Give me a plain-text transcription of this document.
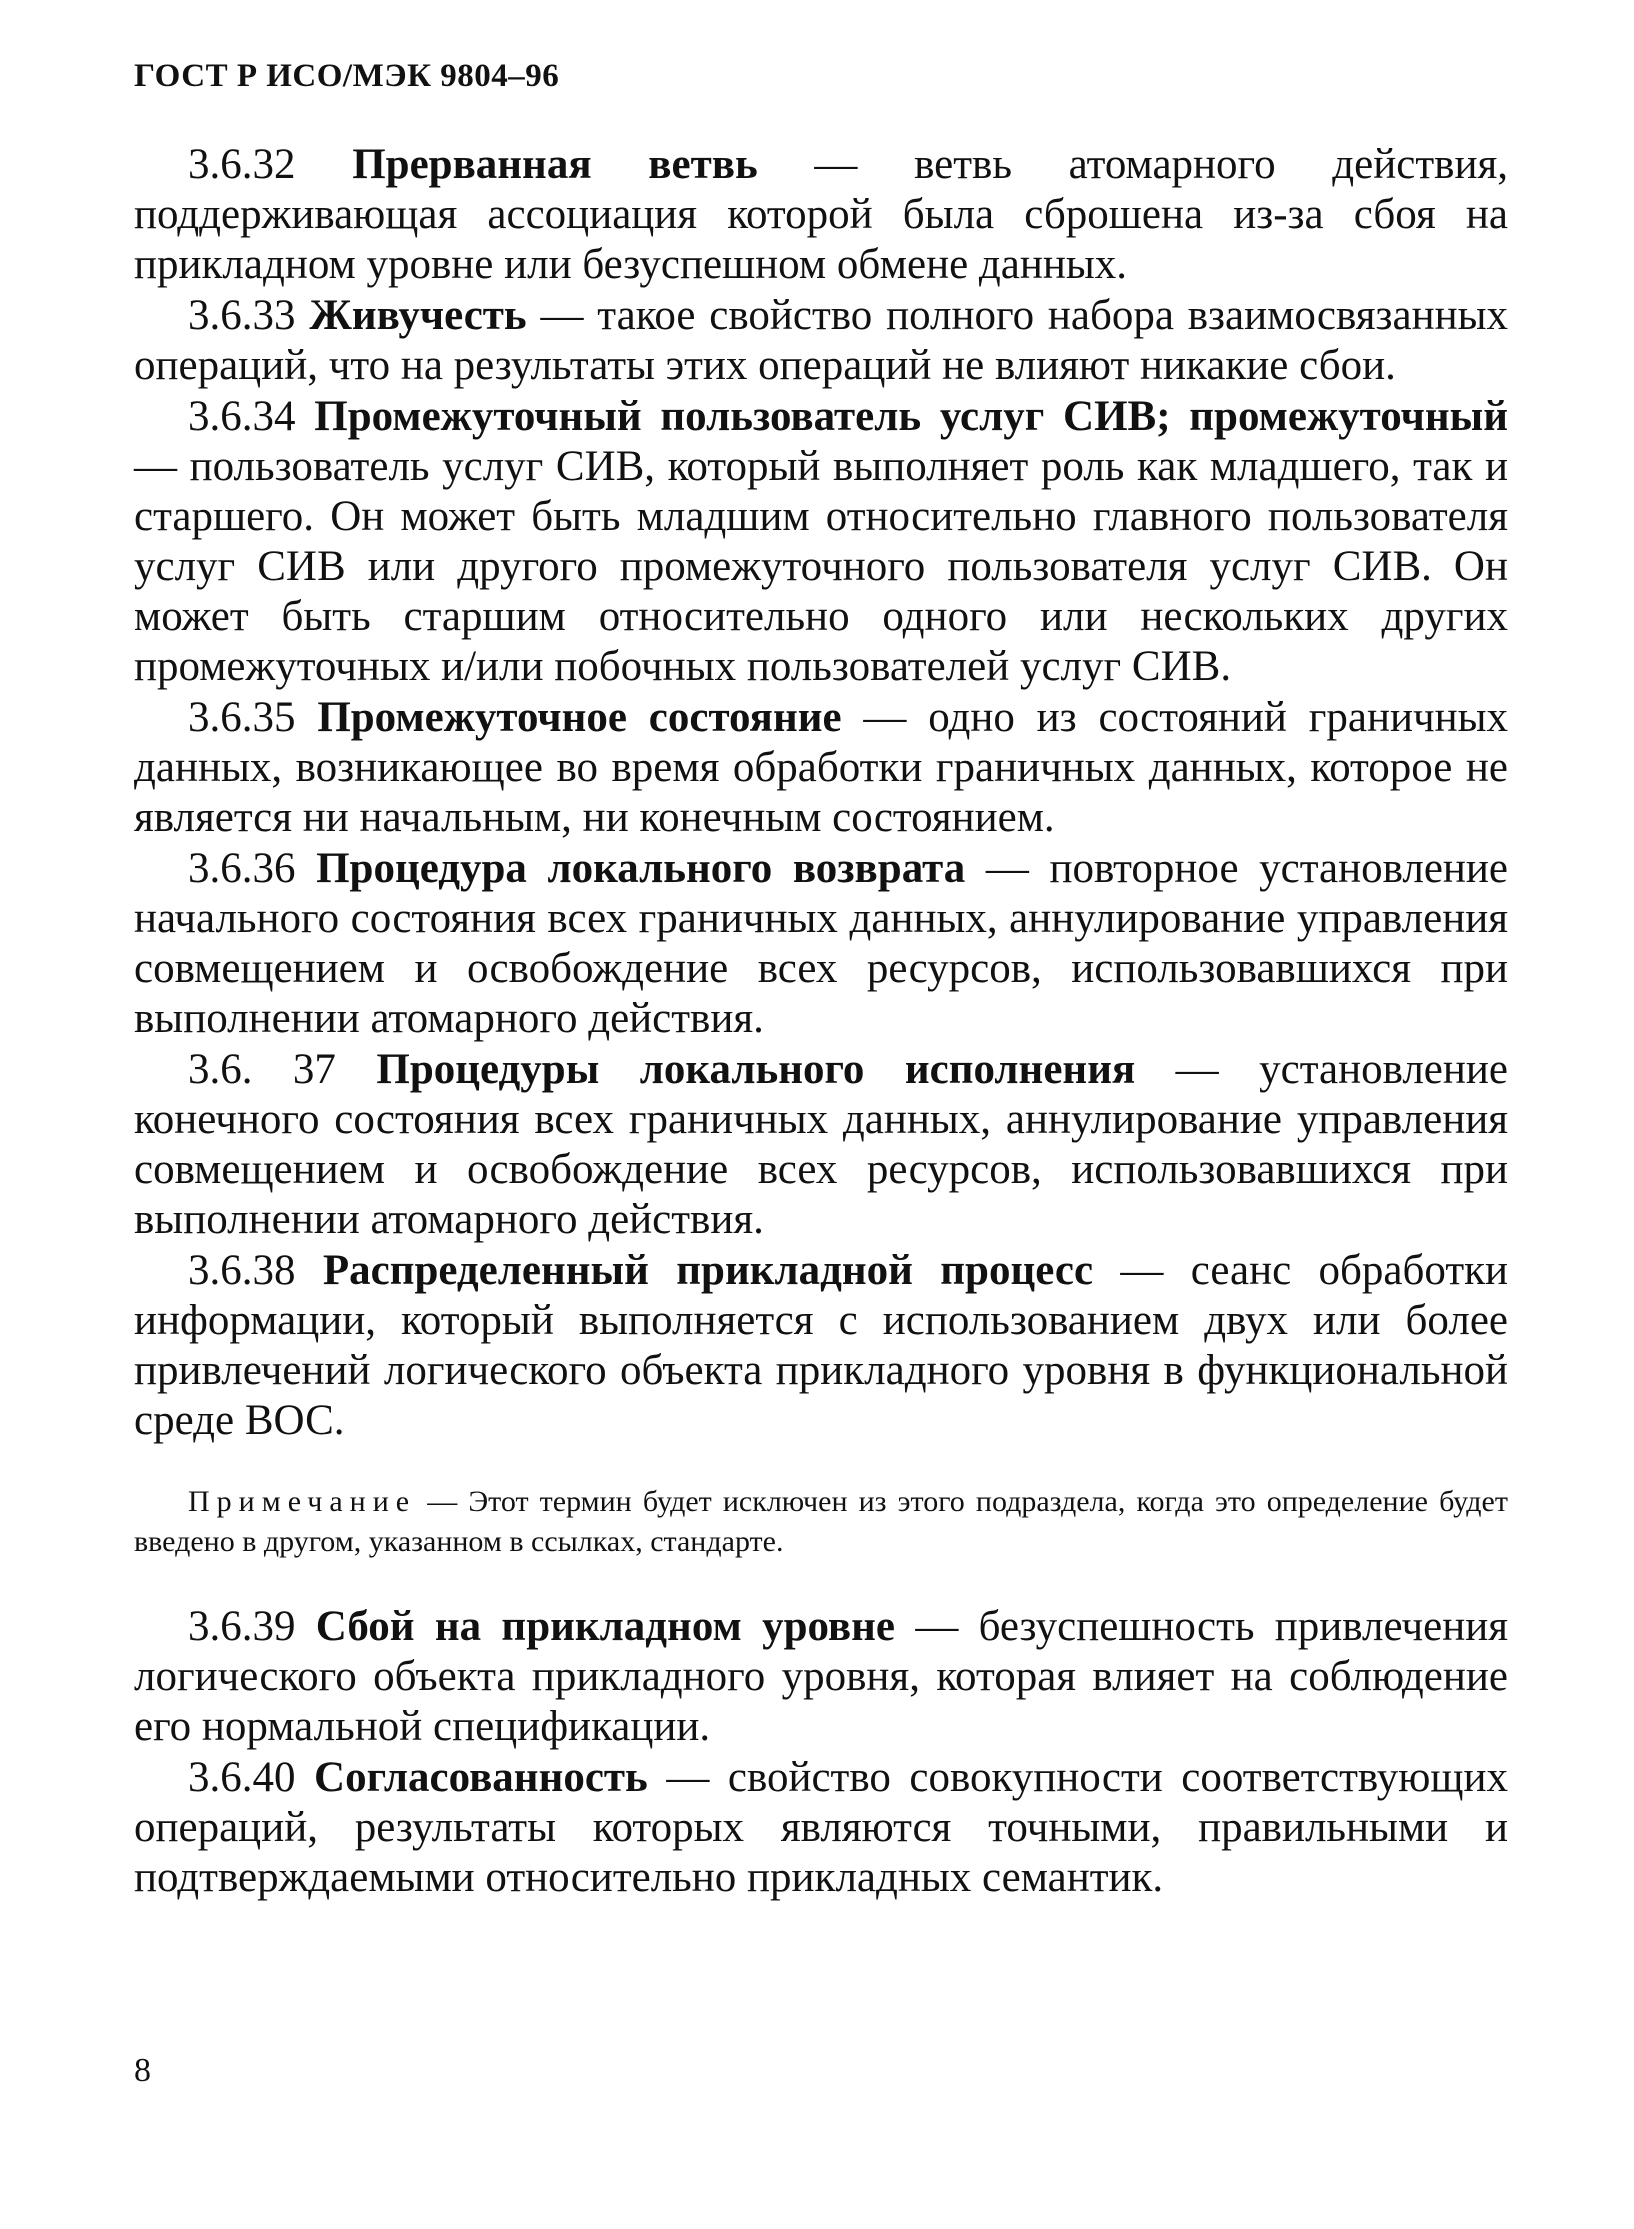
ГОСТ Р ИСО/МЭК 9804–96

3.6.32 Прерванная ветвь — ветвь атомарного действия, поддерживающая ассоциация которой была сброшена из-за сбоя на прикладном уровне или безуспешном обмене данных.

3.6.33 Живучесть — такое свойство полного набора взаимосвязанных операций, что на результаты этих операций не влияют никакие сбои.

3.6.34 Промежуточный пользователь услуг СИВ; промежуточный — пользователь услуг СИВ, который выполняет роль как младшего, так и старшего. Он может быть младшим относительно главного пользователя услуг СИВ или другого промежуточного пользователя услуг СИВ. Он может быть старшим относительно одного или нескольких других промежуточных и/или побочных пользователей услуг СИВ.

3.6.35 Промежуточное состояние — одно из состояний граничных данных, возникающее во время обработки граничных данных, которое не является ни начальным, ни конечным состоянием.

3.6.36 Процедура локального возврата — повторное установление начального состояния всех граничных данных, аннулирование управления совмещением и освобождение всех ресурсов, использовавшихся при выполнении атомарного действия.

3.6. 37 Процедуры локального исполнения — установление конечного состояния всех граничных данных, аннулирование управления совмещением и освобождение всех ресурсов, использовавшихся при выполнении атомарного действия.

3.6.38 Распределенный прикладной процесс — сеанс обработки информации, который выполняется с использованием двух или более привлечений логического объекта прикладного уровня в функциональной среде ВОС.

Примечание — Этот термин будет исключен из этого подраздела, когда это определение будет введено в другом, указанном в ссылках, стандарте.

3.6.39 Сбой на прикладном уровне — безуспешность привлечения логического объекта прикладного уровня, которая влияет на соблюдение его нормальной спецификации.

3.6.40 Согласованность — свойство совокупности соответствующих операций, результаты которых являются точными, правильными и подтверждаемыми относительно прикладных семантик.

8
